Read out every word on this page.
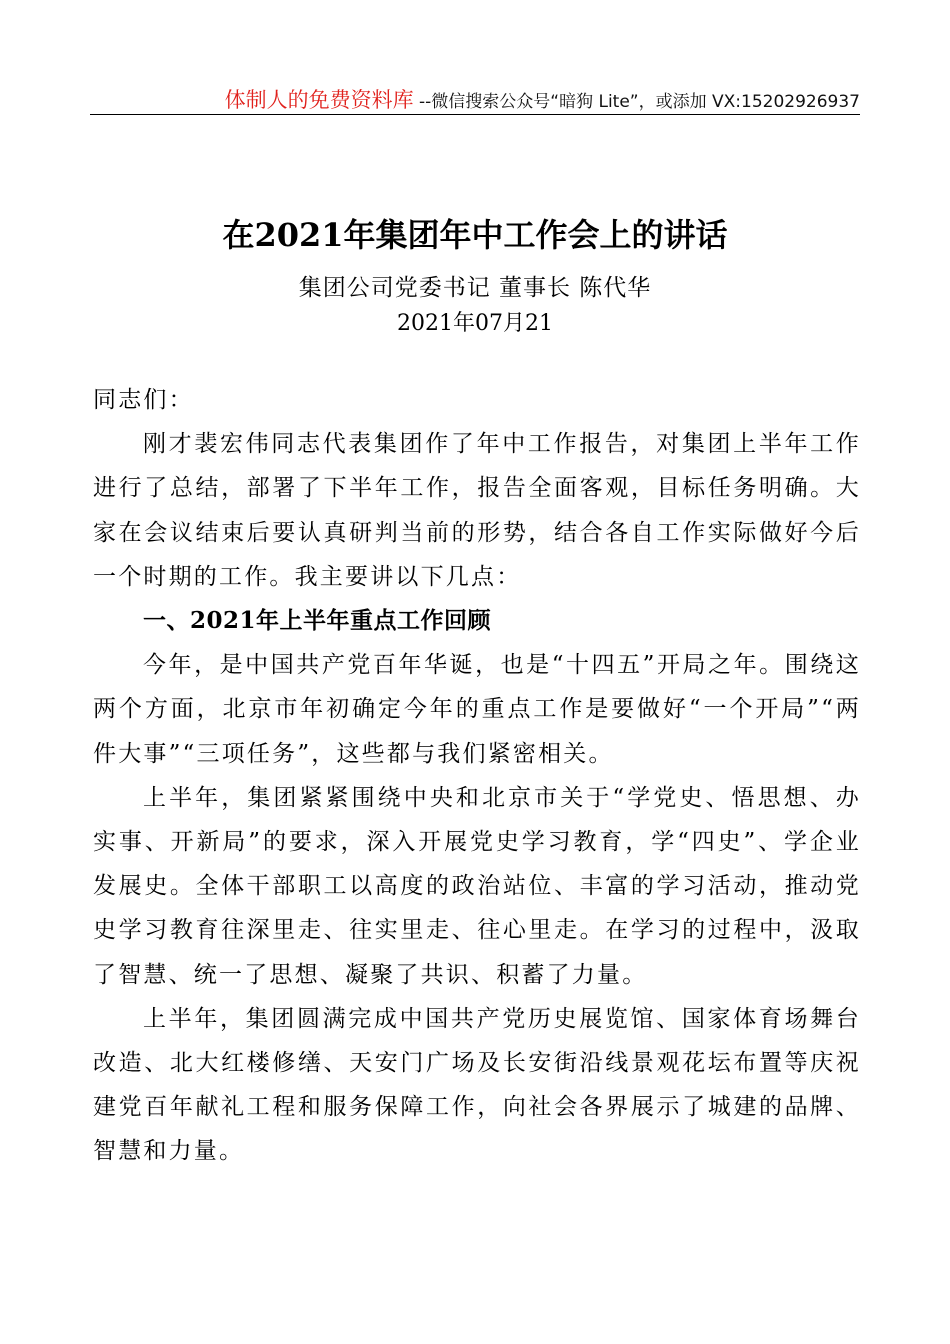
体制人的免费资料库 --微信搜索公众号“暗狗 Lite”，或添加 VX:15202926937
在2021年集团年中工作会上的讲话
集团公司党委书记 董事长 陈代华
2021年07月21

同志们：

刚才裴宏伟同志代表集团作了年中工作报告，对集团上半年工作进行了总结，部署了下半年工作，报告全面客观，目标任务明确。大家在会议结束后要认真研判当前的形势，结合各自工作实际做好今后一个时期的工作。我主要讲以下几点：

一、2021年上半年重点工作回顾

今年，是中国共产党百年华诞，也是“十四五”开局之年。围绕这两个方面，北京市年初确定今年的重点工作是要做好“一个开局”“两件大事”“三项任务”，这些都与我们紧密相关。

上半年，集团紧紧围绕中央和北京市关于“学党史、悟思想、办实事、开新局”的要求，深入开展党史学习教育，学“四史”、学企业发展史。全体干部职工以高度的政治站位、丰富的学习活动，推动党史学习教育往深里走、往实里走、往心里走。在学习的过程中，汲取了智慧、统一了思想、凝聚了共识、积蓄了力量。

上半年，集团圆满完成中国共产党历史展览馆、国家体育场舞台改造、北大红楼修缮、天安门广场及长安街沿线景观花坛布置等庆祝建党百年献礼工程和服务保障工作，向社会各界展示了城建的品牌、智慧和力量。
